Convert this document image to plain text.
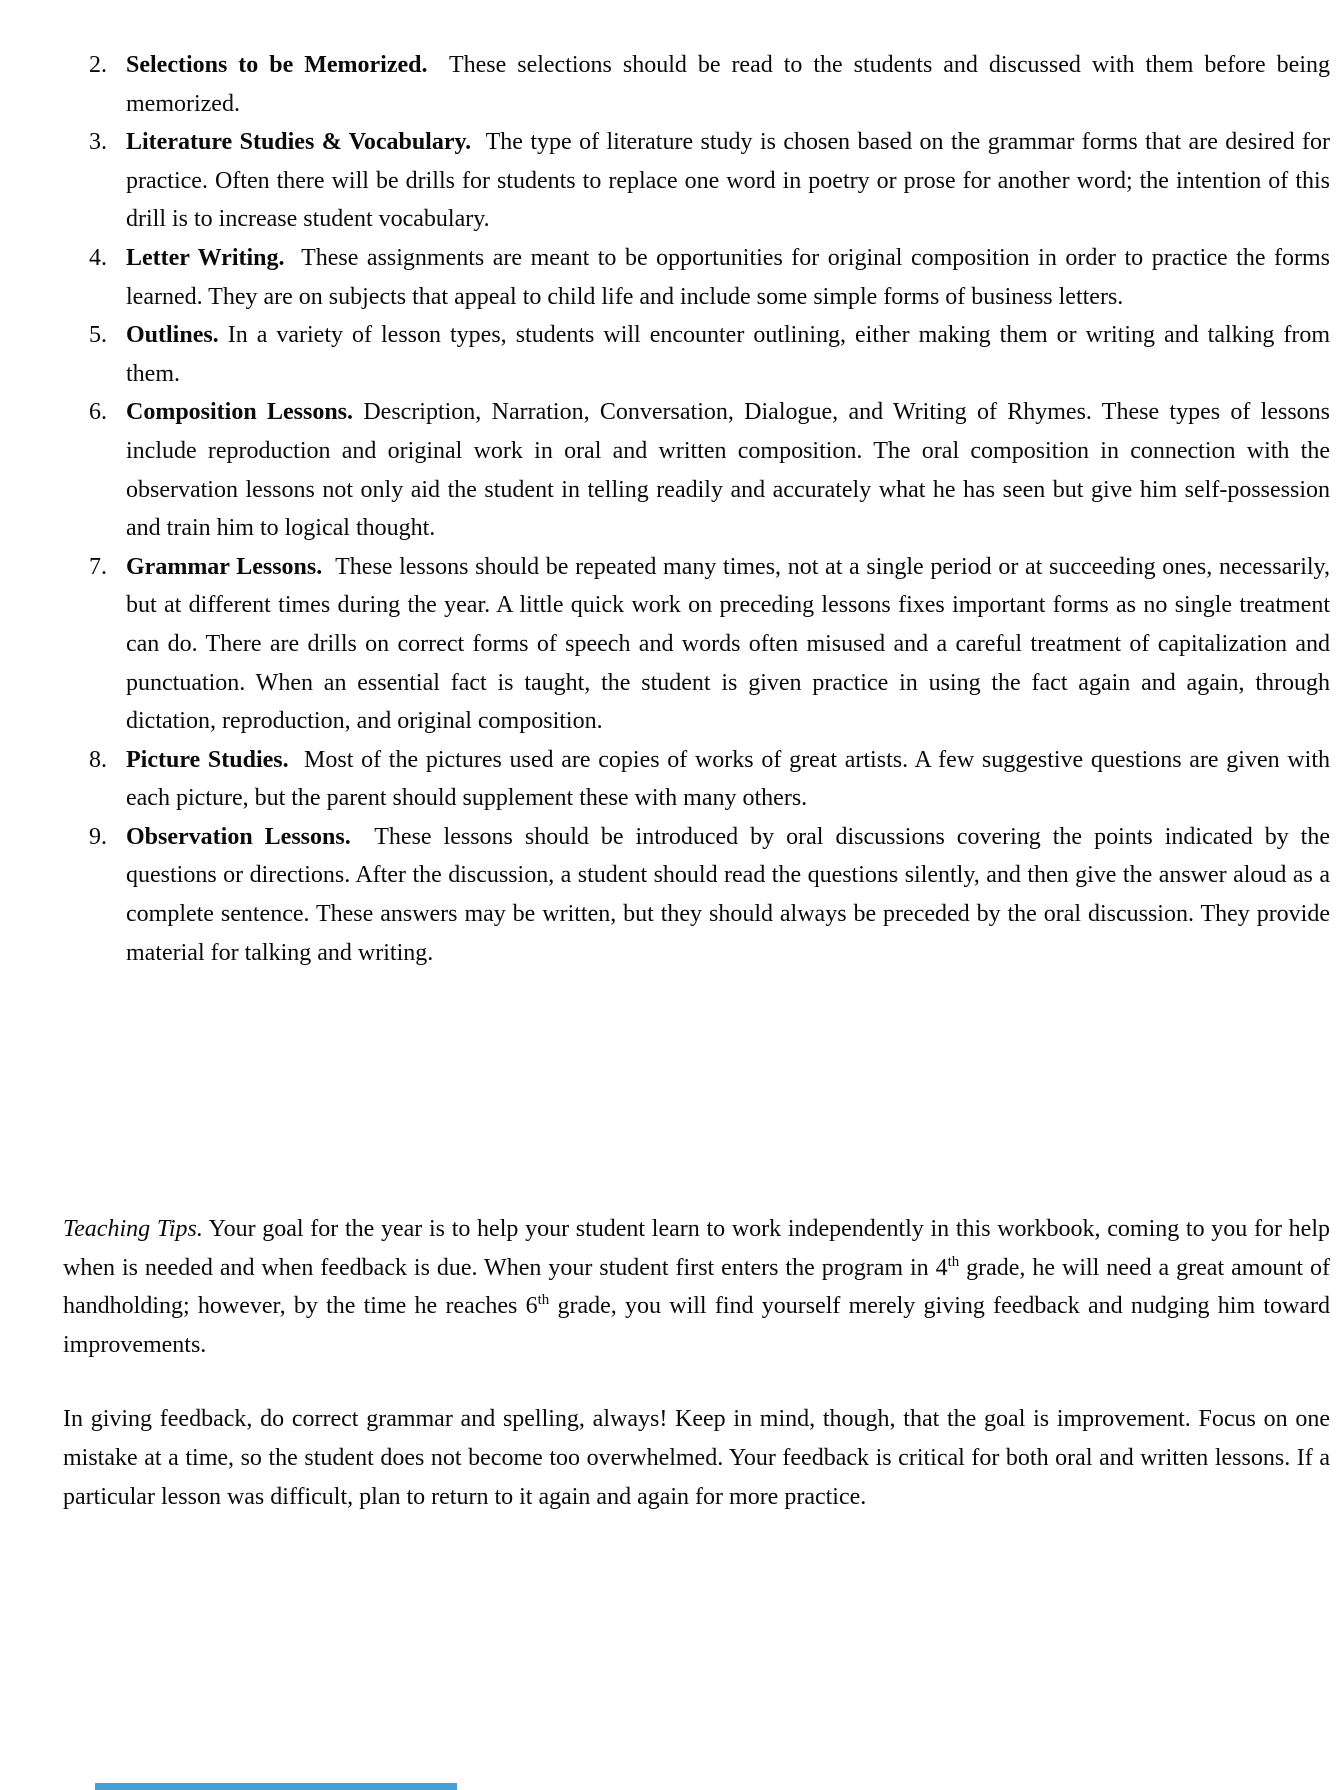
2. Selections to be Memorized.  These selections should be read to the students and discussed with them before being memorized.
3. Literature Studies & Vocabulary.  The type of literature study is chosen based on the grammar forms that are desired for practice. Often there will be drills for students to replace one word in poetry or prose for another word; the intention of this drill is to increase student vocabulary.
4. Letter Writing.  These assignments are meant to be opportunities for original composition in order to practice the forms learned. They are on subjects that appeal to child life and include some simple forms of business letters.
5. Outlines. In a variety of lesson types, students will encounter outlining, either making them or writing and talking from them.
6. Composition Lessons. Description, Narration, Conversation, Dialogue, and Writing of Rhymes. These types of lessons include reproduction and original work in oral and written composition. The oral composition in connection with the observation lessons not only aid the student in telling readily and accurately what he has seen but give him self-possession and train him to logical thought.
7. Grammar Lessons.  These lessons should be repeated many times, not at a single period or at succeeding ones, necessarily, but at different times during the year. A little quick work on preceding lessons fixes important forms as no single treatment can do. There are drills on correct forms of speech and words often misused and a careful treatment of capitalization and punctuation. When an essential fact is taught, the student is given practice in using the fact again and again, through dictation, reproduction, and original composition.
8. Picture Studies.  Most of the pictures used are copies of works of great artists. A few suggestive questions are given with each picture, but the parent should supplement these with many others.
9. Observation Lessons.  These lessons should be introduced by oral discussions covering the points indicated by the questions or directions. After the discussion, a student should read the questions silently, and then give the answer aloud as a complete sentence. These answers may be written, but they should always be preceded by the oral discussion. They provide material for talking and writing.

Teaching Tips. Your goal for the year is to help your student learn to work independently in this workbook, coming to you for help when is needed and when feedback is due. When your student first enters the program in 4th grade, he will need a great amount of handholding; however, by the time he reaches 6th grade, you will find yourself merely giving feedback and nudging him toward improvements.

In giving feedback, do correct grammar and spelling, always! Keep in mind, though, that the goal is improvement. Focus on one mistake at a time, so the student does not become too overwhelmed. Your feedback is critical for both oral and written lessons. If a particular lesson was difficult, plan to return to it again and again for more practice.
